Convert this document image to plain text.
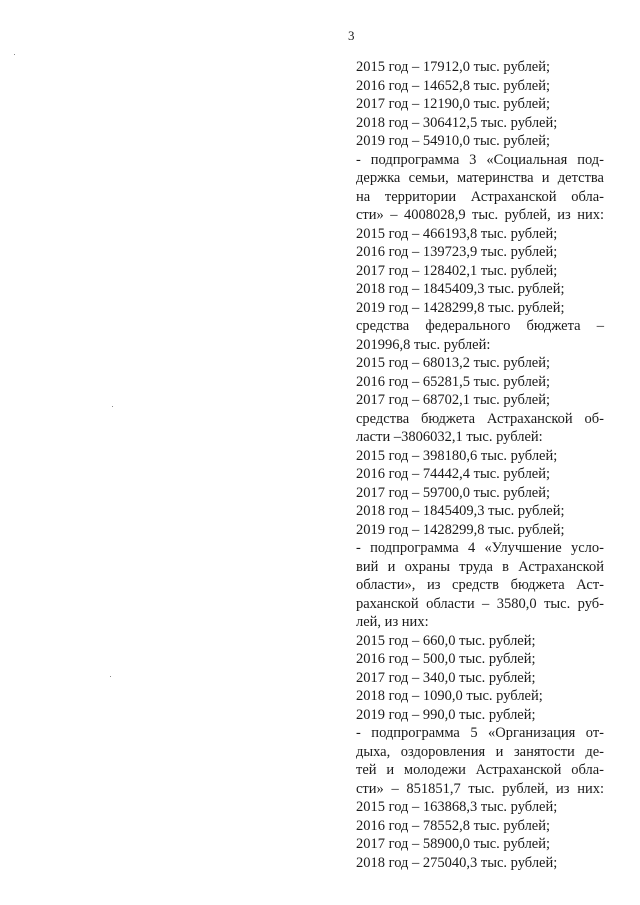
3
2015 год – 17912,0 тыс. рублей;
2016 год – 14652,8 тыс. рублей;
2017 год – 12190,0 тыс. рублей;
2018 год – 306412,5 тыс. рублей;
2019 год – 54910,0 тыс. рублей;
- подпрограмма 3 «Социальная под-
держка семьи, материнства и детства
на территории Астраханской обла-
сти» – 4008028,9 тыс. рублей, из них:
2015 год – 466193,8 тыс. рублей;
2016 год – 139723,9 тыс. рублей;
2017 год – 128402,1 тыс. рублей;
2018 год – 1845409,3 тыс. рублей;
2019 год – 1428299,8 тыс. рублей;
средства федерального бюджета –
201996,8 тыс. рублей:
2015 год – 68013,2 тыс. рублей;
2016 год – 65281,5 тыс. рублей;
2017 год – 68702,1 тыс. рублей;
средства бюджета Астраханской об-
ласти –3806032,1 тыс. рублей:
2015 год – 398180,6 тыс. рублей;
2016 год – 74442,4 тыс. рублей;
2017 год – 59700,0 тыс. рублей;
2018 год – 1845409,3 тыс. рублей;
2019 год – 1428299,8 тыс. рублей;
- подпрограмма 4 «Улучшение усло-
вий и охраны труда в Астраханской
области», из средств бюджета Аст-
раханской области – 3580,0 тыс. руб-
лей, из них:
2015 год – 660,0 тыс. рублей;
2016 год – 500,0 тыс. рублей;
2017 год – 340,0 тыс. рублей;
2018 год – 1090,0 тыс. рублей;
2019 год – 990,0 тыс. рублей;
- подпрограмма 5 «Организация от-
дыха, оздоровления и занятости де-
тей и молодежи Астраханской обла-
сти» – 851851,7 тыс. рублей, из них:
2015 год – 163868,3 тыс. рублей;
2016 год – 78552,8 тыс. рублей;
2017 год – 58900,0 тыс. рублей;
2018 год – 275040,3 тыс. рублей;
